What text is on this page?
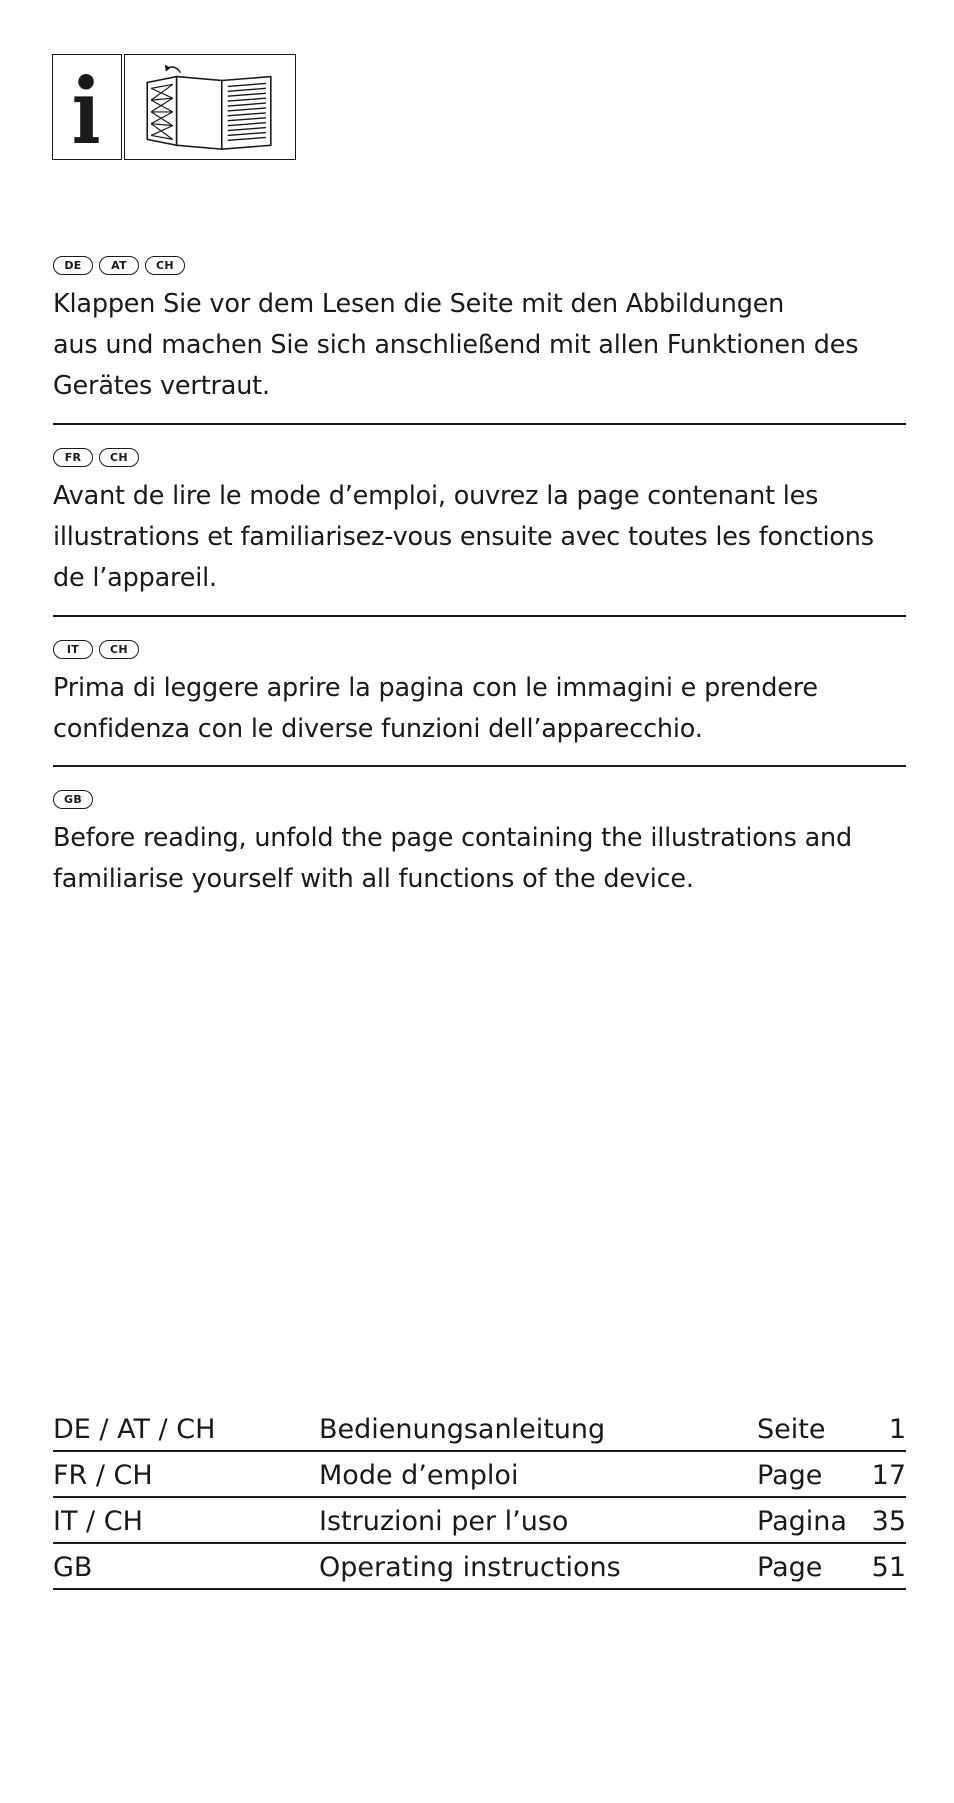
DE	AT	CH
Klappen Sie vor dem Lesen die Seite mit den Abbildungen
aus und machen Sie sich anschließend mit allen Funktionen des
Gerätes vertraut.
FR	CH
Avant de lire le mode d’emploi, ouvrez la page contenant les
illustrations et familiarisez-vous ensuite avec toutes les fonctions
de l’appareil.
IT	CH
Prima di leggere aprire la pagina con le immagini e prendere
confidenza con le diverse funzioni dell’apparecchio.
GB
Before reading, unfold the page containing the illustrations and
familiarise yourself with all functions of the device.
DE / AT / CH	Bedienungsanleitung	Seite 1
FR / CH	Mode d’emploi	Page 17
IT / CH	Istruzioni per l’uso	Pagina 35
GB	Operating instructions	Page 51
